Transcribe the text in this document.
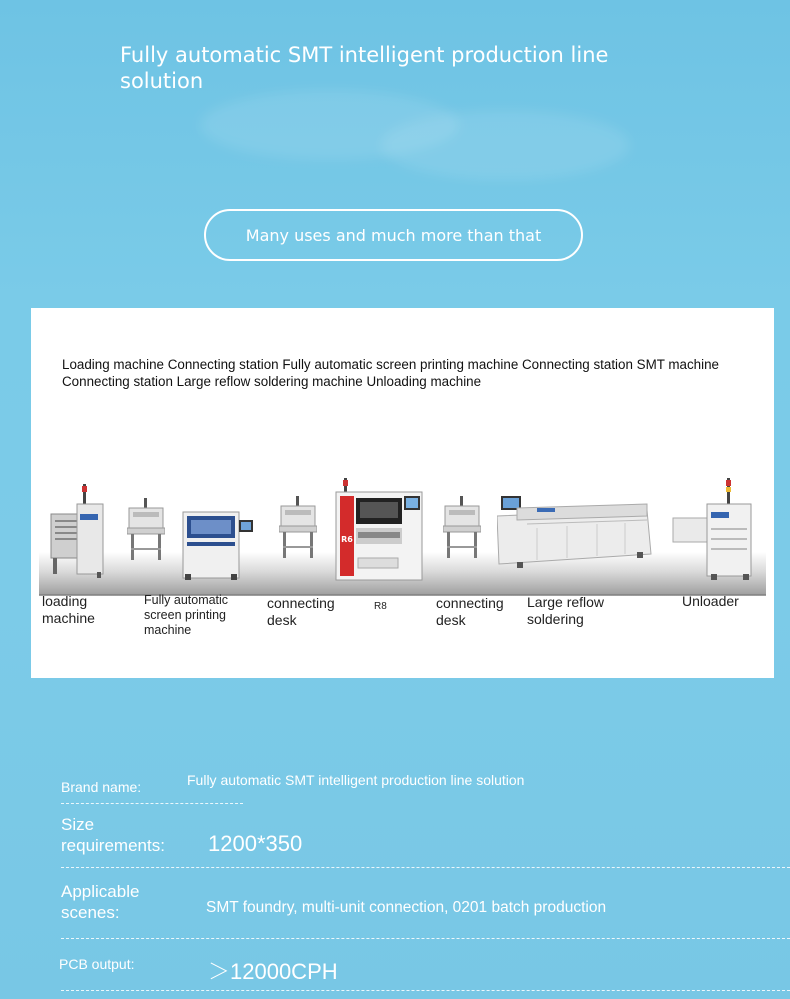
Fully automatic SMT intelligent production line solution
Many uses and much more than that
Loading machine Connecting station Fully automatic screen printing machine Connecting station SMT machine Connecting station Large reflow soldering machine Unloading machine
R6
loading
machine
Fully automatic
screen printing
machine
connecting
desk
R8	connecting
desk
Large reflow
soldering
Unloader
Brand name:	Fully automatic SMT intelligent production line solution
Size
requirements: 1200*350
Applicable
scenes:	SMT foundry, multi-unit connection, 0201 batch production
PCB output:	＞12000CPH
